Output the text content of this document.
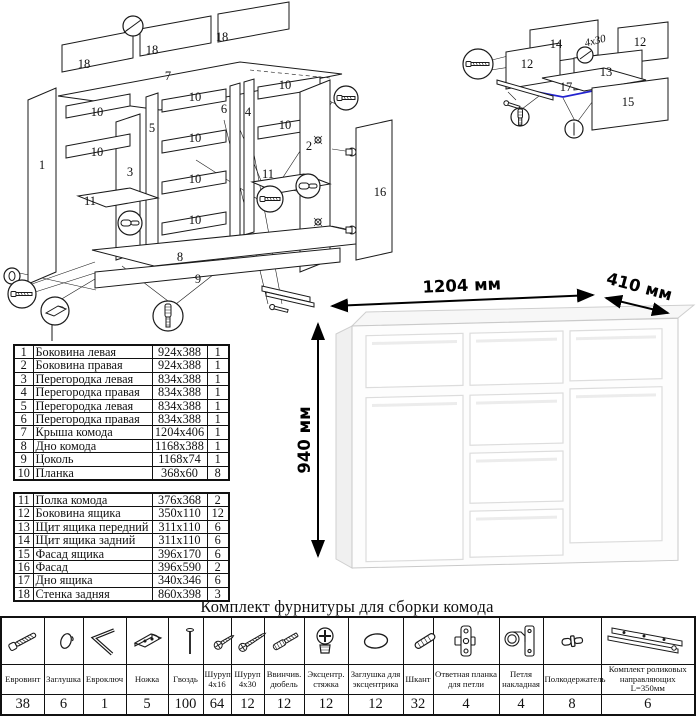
18
18
18
7
1	3
5
10
10
10
10
10
10
10
10
6 4
2
11
11
8
9
16
12
14	12
13
17
15
4x30
1204 мм	410 мм
940 мм
1	Боковина левая	924x388	1
2	Боковина правая	924x388	1
3	Перегородка левая	834x388	1
4	Перегородка правая	834x388	1
5	Перегородка левая	834x388	1
6	Перегородка правая	834x388	1
7	Крыша комода	1204x406	1
8	Дно комода	1168x388	1
9	Цоколь	1168x74	1
10	Планка	368x60	8
11	Полка комода	376x368	2
12	Боковина ящика	350x110	12
13	Щит ящика передний	311x110	6
14	Щит ящика задний	311x110	6
15	Фасад ящика	396x170	6
16	Фасад	396x590	2
17	Дно ящика	340x346	6
18	Стенка задняя	860x398	3
Комплект фурнитуры для сборки комода

Евровинт	Заглушка	Евроключ	Ножка	Гвоздь	Шуруп 4x16	Шуруп 4x30	Ввинчив. дюбель	Эксцентр. стяжка	Заглушка для эксцентрика	Шкант	Ответная планка для петли	Петля накладная	Полкодержатель	Комплект роликовых направляющих L=350мм
38	6	1	5	100	64	12	12	12	12	32	4	4	8	6
